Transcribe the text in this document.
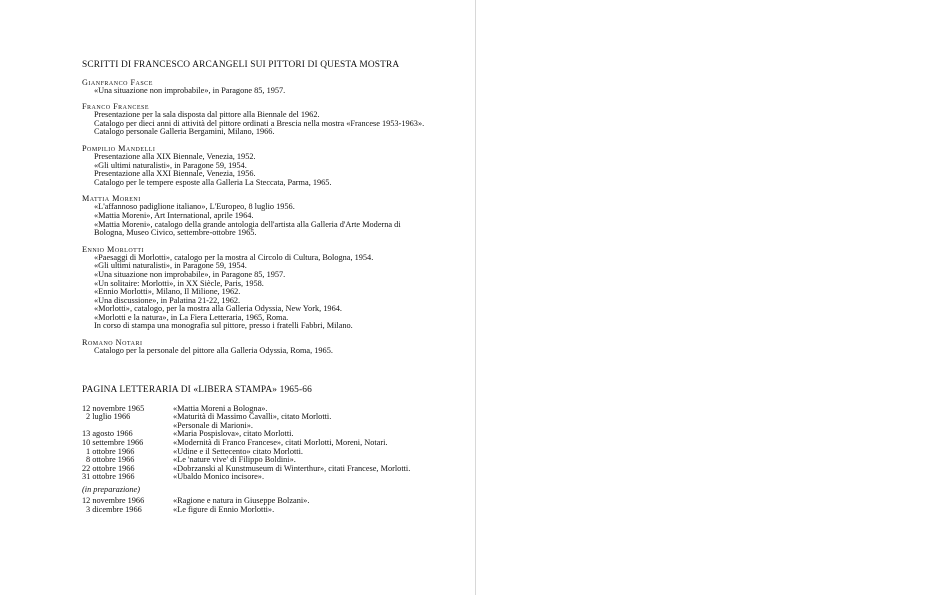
SCRITTI DI FRANCESCO ARCANGELI SUI PITTORI DI QUESTA MOSTRA
Gianfranco Fasce
«Una situazione non improbabile», in Paragone 85, 1957.
Franco Francese
Presentazione per la sala disposta dal pittore alla Biennale del 1962.
Catalogo per dieci anni di attività del pittore ordinati a Brescia nella mostra «Francese 1953-1963».
Catalogo personale Galleria Bergamini, Milano, 1966.
Pompilio Mandelli
Presentazione alla XIX Biennale, Venezia, 1952.
«Gli ultimi naturalisti», in Paragone 59, 1954.
Presentazione alla XXI Biennale, Venezia, 1956.
Catalogo per le tempere esposte alla Galleria La Steccata, Parma, 1965.
Mattia Moreni
«L'affannoso padiglione italiano», L'Europeo, 8 luglio 1956.
«Mattia Moreni», Art International, aprile 1964.
«Mattia Moreni», catalogo della grande antologia dell'artista alla Galleria d'Arte Moderna di Bologna, Museo Civico, settembre-ottobre 1965.
Ennio Morlotti
«Paesaggi di Morlotti», catalogo per la mostra al Circolo di Cultura, Bologna, 1954.
«Gli ultimi naturalisti», in Paragone 59, 1954.
«Una situazione non improbabile», in Paragone 85, 1957.
«Un solitaire: Morlotti», in XX Siècle, Paris, 1958.
«Ennio Morlotti», Milano, Il Milione, 1962.
«Una discussione», in Palatina 21-22, 1962.
«Morlotti», catalogo, per la mostra alla Galleria Odyssia, New York, 1964.
«Morlotti e la natura», in La Fiera Letteraria, 1965, Roma.
In corso di stampa una monografia sul pittore, presso i fratelli Fabbri, Milano.
Romano Notari
Catalogo per la personale del pittore alla Galleria Odyssia, Roma, 1965.
PAGINA LETTERARIA DI «LIBERA STAMPA» 1965-66
12 novembre 1965	«Mattia Moreni a Bologna».
2 luglio 1966	«Maturità di Massimo Cavalli», citato Morlotti.
«Personale di Marioni».
13 agosto 1966	«Maria Pospislova», citato Morlotti.
10 settembre 1966	«Modernità di Franco Francese», citati Morlotti, Moreni, Notari.
1 ottobre 1966	«Udine e il Settecento» citato Morlotti.
8 ottobre 1966	«Le 'nature vive' di Filippo Boldini».
22 ottobre 1966	«Dobrzanski al Kunstmuseum di Winterthur», citati Francese, Morlotti.
31 ottobre 1966	«Ubaldo Monico incisore».
(in preparazione)
12 novembre 1966	«Ragione e natura in Giuseppe Bolzani».
3 dicembre 1966	«Le figure di Ennio Morlotti».
